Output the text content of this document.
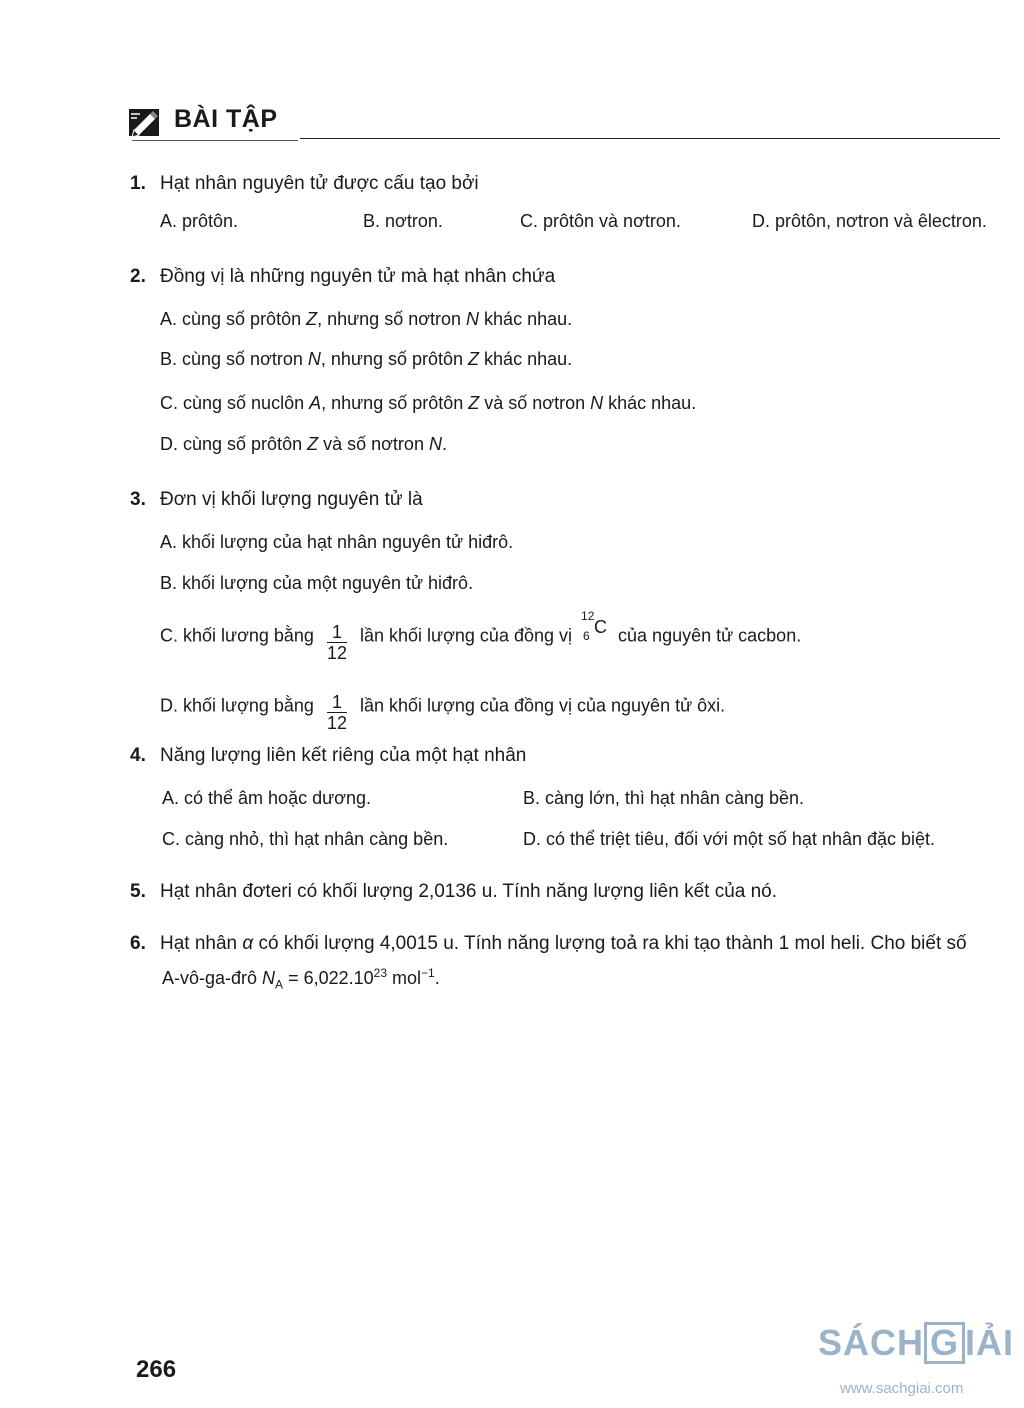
BÀI TẬP
1. Hạt nhân nguyên tử được cấu tạo bởi
A. prôtôn.	B. nơtron.	C. prôtôn và nơtron.	D. prôtôn, nơtron và êlectron.
2. Đồng vị là những nguyên tử mà hạt nhân chứa
A. cùng số prôtôn Z, nhưng số nơtron N khác nhau.
B. cùng số nơtron N, nhưng số prôtôn Z khác nhau.
C. cùng số nuclôn A, nhưng số prôtôn Z và số nơtron N khác nhau.
D. cùng số prôtôn Z và số nơtron N.
3. Đơn vị khối lượng nguyên tử là
A. khối lượng của hạt nhân nguyên tử hiđrô.
B. khối lượng của một nguyên tử hiđrô.
C. khối lương bằng $\frac{1}{12}$ lần khối lượng của đồng vị
12
6 C của nguyên tử cacbon.
D. khối lượng bằng $\frac{1}{12}$ lần khối lượng của đồng vị của nguyên tử ôxi.
4. Năng lượng liên kết riêng của một hạt nhân
A. có thể âm hoặc dương.	B. càng lớn, thì hạt nhân càng bền.
C. càng nhỏ, thì hạt nhân càng bền.	D. có thể triệt tiêu, đối với một số hạt nhân đặc biệt.
5. Hạt nhân đơteri có khối lượng 2,0136 u. Tính năng lượng liên kết của nó.
6. Hạt nhân α có khối lượng 4,0015 u. Tính năng lượng toả ra khi tạo thành 1 mol heli. Cho biết số
A-vô-ga-đrô $N_A = 6,022.10^{23}$ mol$^{-1}$.
266
SÁCH G IẢI
www.sachgiai.com
